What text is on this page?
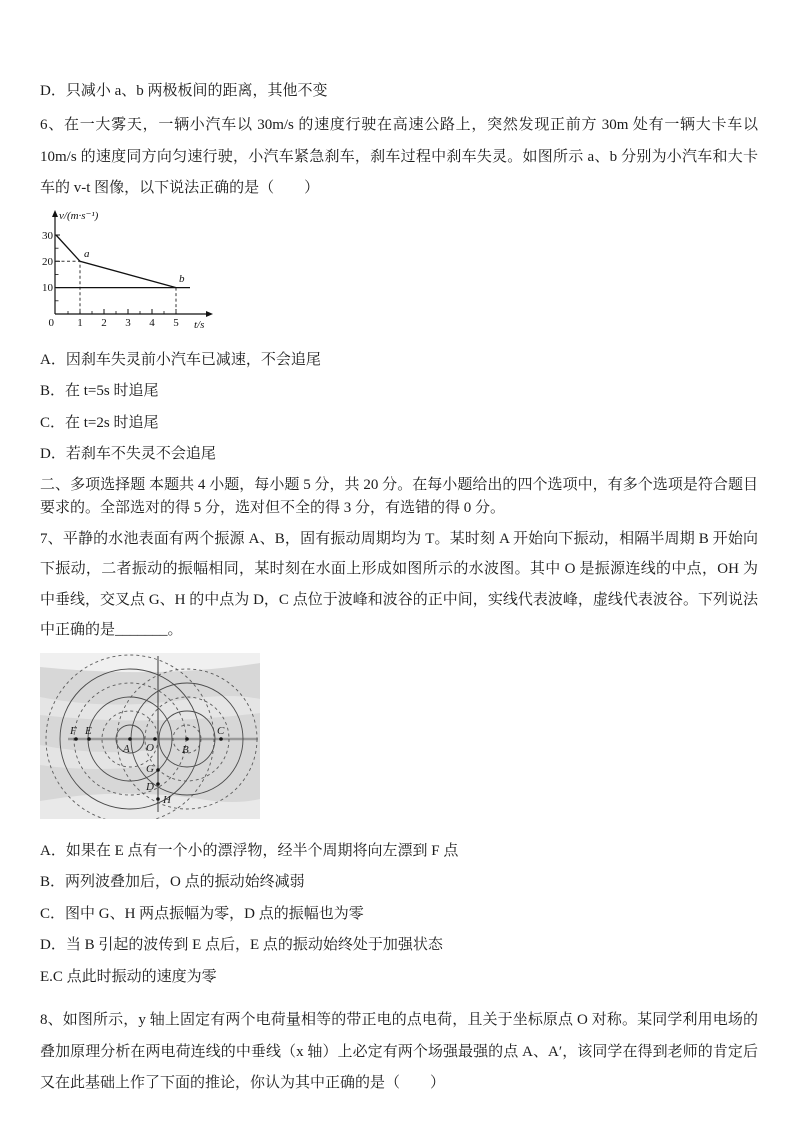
D．只减小 a、b 两极板间的距离，其他不变
6、在一大雾天，一辆小汽车以 30m/s 的速度行驶在高速公路上，突然发现正前方 30m 处有一辆大卡车以 10m/s 的速度同方向匀速行驶，小汽车紧急刹车，刹车过程中刹车失灵。如图所示 a、b 分别为小汽车和大卡车的 v-t 图像，以下说法正确的是（　　）
v/(m·s⁻¹)
30
20
10
0 1 2 3 4 5 t/s
a
b
A．因刹车失灵前小汽车已减速，不会追尾
B．在 t=5s 时追尾
C．在 t=2s 时追尾
D．若刹车不失灵不会追尾
二、多项选择题 本题共 4 小题，每小题 5 分，共 20 分。在每小题给出的四个选项中，有多个选项是符合题目要求的。全部选对的得 5 分，选对但不全的得 3 分，有选错的得 0 分。
7、平静的水池表面有两个振源 A、B，固有振动周期均为 T。某时刻 A 开始向下振动，相隔半周期 B 开始向下振动，二者振动的振幅相同，某时刻在水面上形成如图所示的水波图。其中 O 是振源连线的中点，OH 为中垂线，交叉点 G、H 的中点为 D，C 点位于波峰和波谷的正中间，实线代表波峰，虚线代表波谷。下列说法中正确的是_______。
F E
A O	B
C
G
D
H
A．如果在 E 点有一个小的漂浮物，经半个周期将向左漂到 F 点
B．两列波叠加后，O 点的振动始终减弱
C．图中 G、H 两点振幅为零，D 点的振幅也为零
D．当 B 引起的波传到 E 点后，E 点的振动始终处于加强状态
E.C 点此时振动的速度为零
8、如图所示，y 轴上固定有两个电荷量相等的带正电的点电荷，且关于坐标原点 O 对称。某同学利用电场的叠加原理分析在两电荷连线的中垂线（x 轴）上必定有两个场强最强的点 A、A′，该同学在得到老师的肯定后又在此基础上作了下面的推论，你认为其中正确的是（　　）
